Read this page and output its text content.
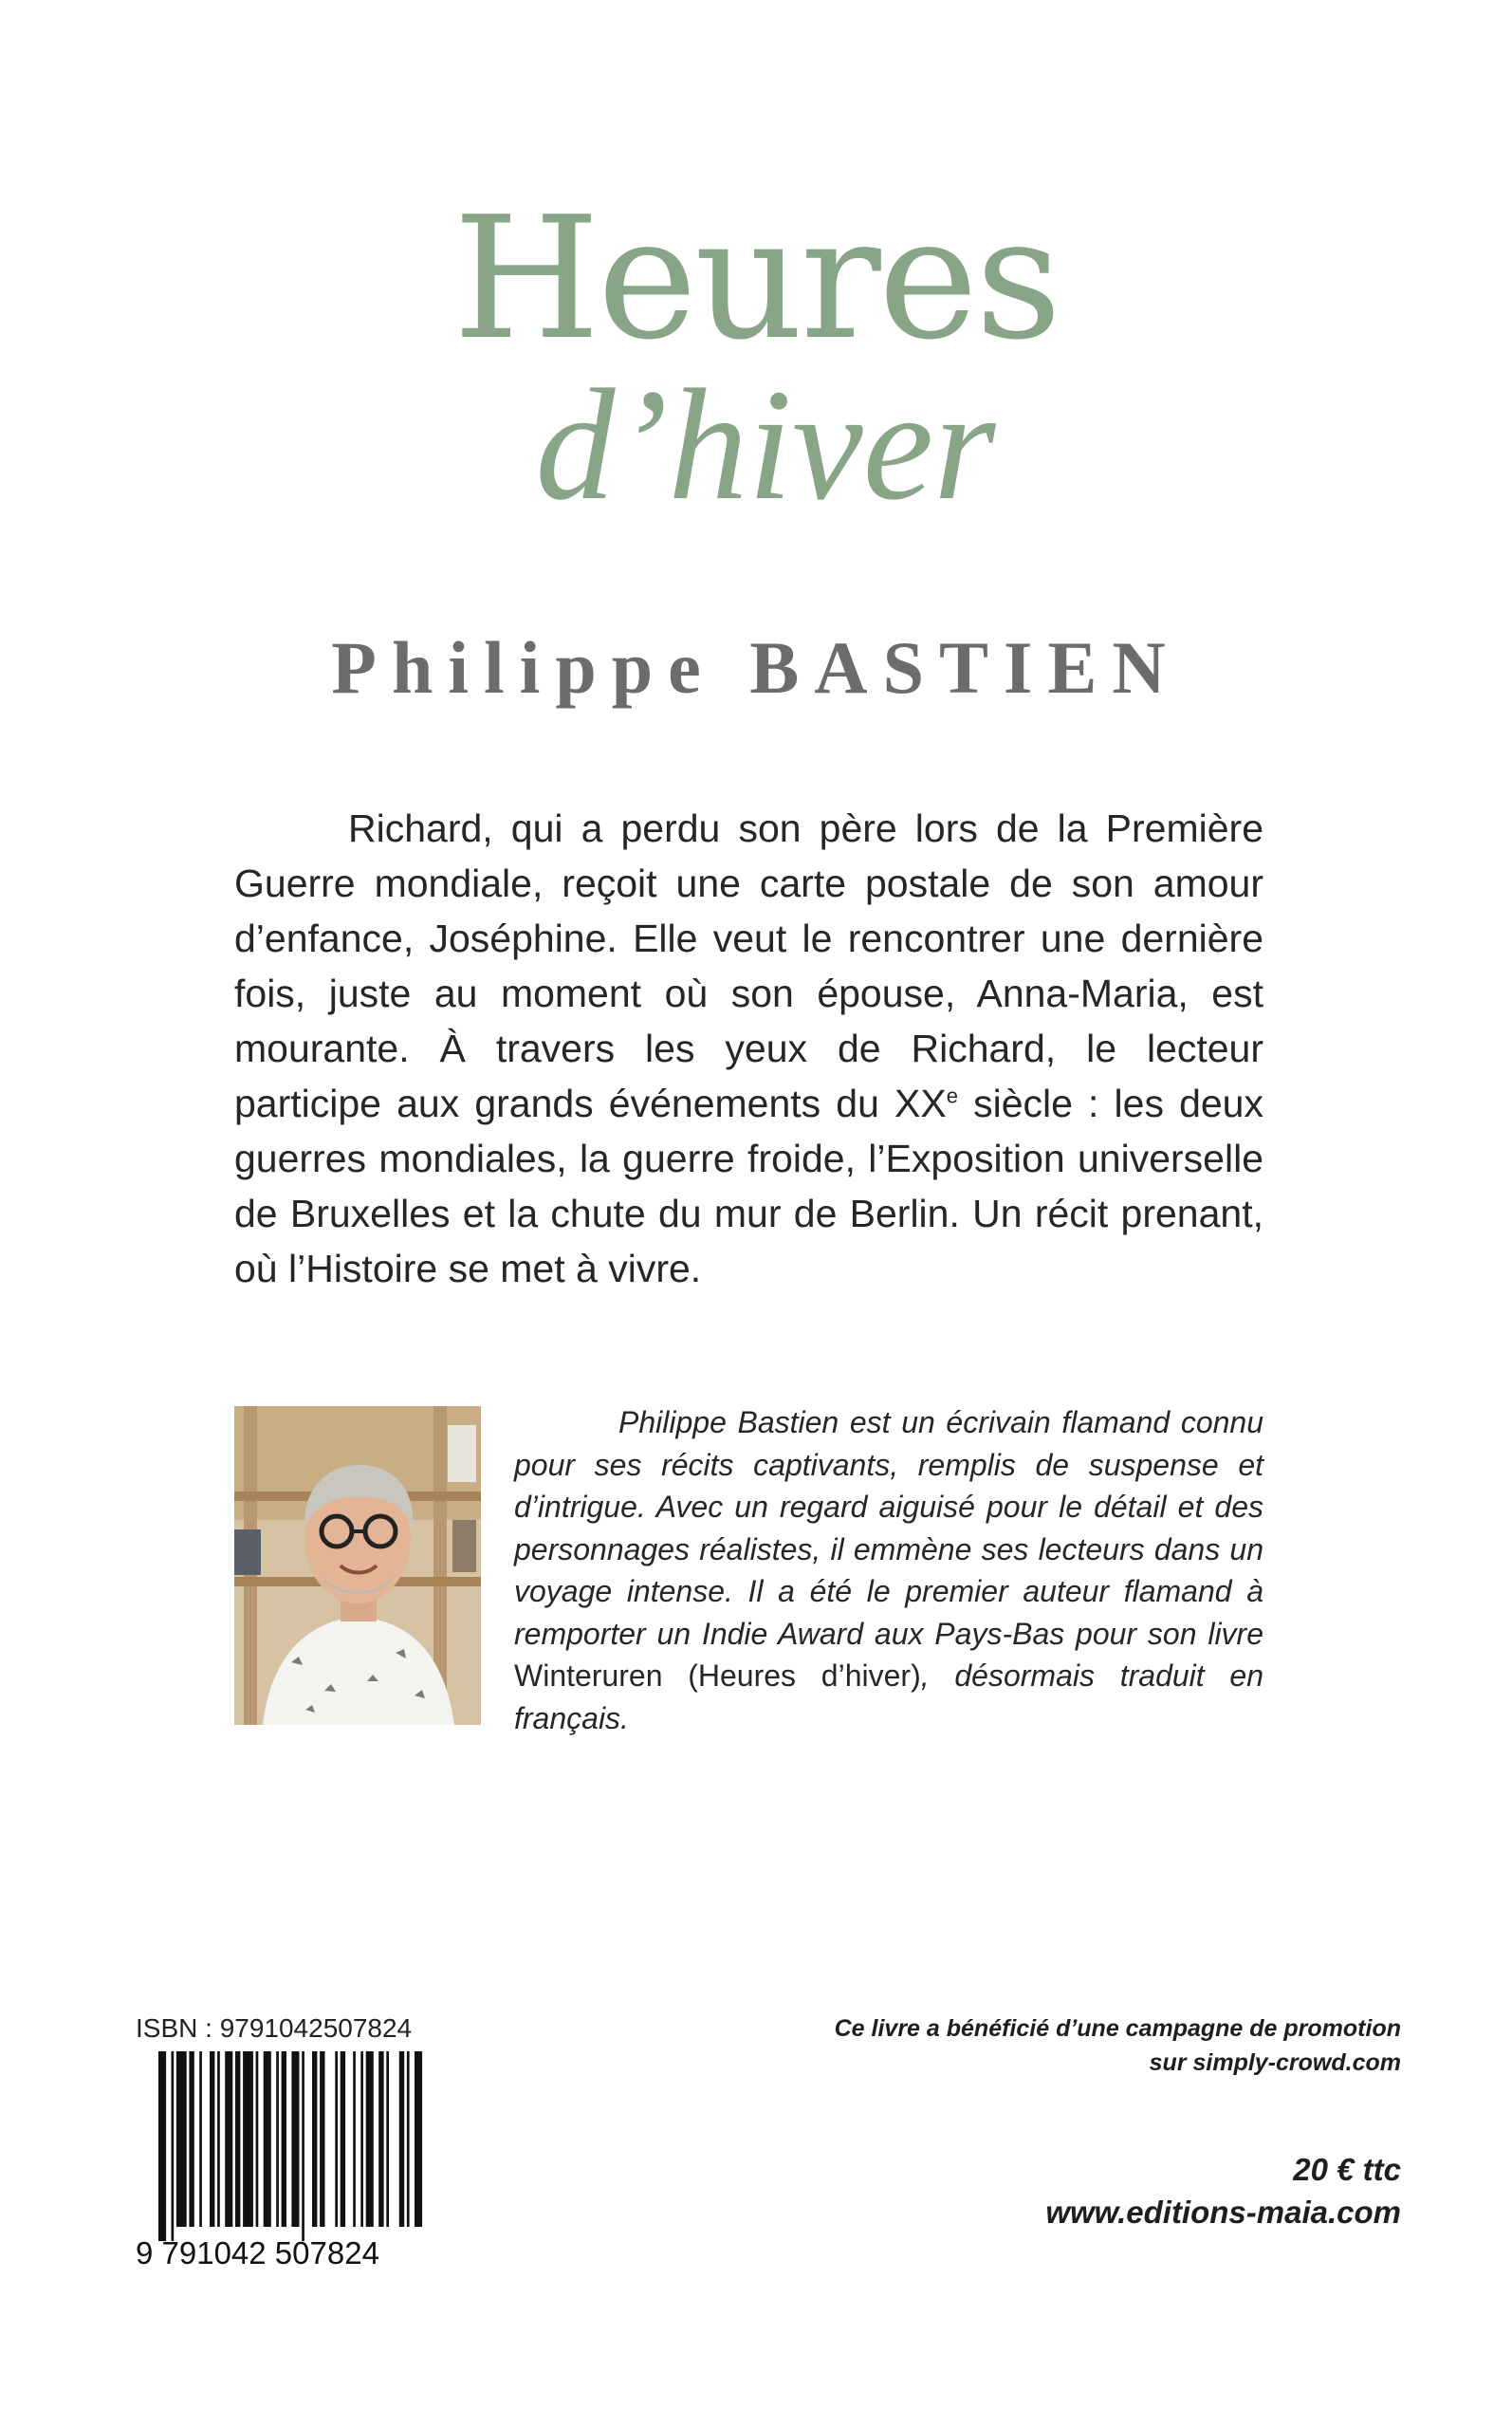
Heures
d’hiver
Philippe BASTIEN

Richard, qui a perdu son père lors de la Première Guerre mondiale, reçoit une carte postale de son amour d’enfance, Joséphine. Elle veut le rencontrer une dernière fois, juste au moment où son épouse, Anna-Maria, est mourante. À travers les yeux de Richard, le lecteur participe aux grands événements du XXe siècle : les deux guerres mondiales, la guerre froide, l’Exposition universelle de Bruxelles et la chute du mur de Berlin. Un récit prenant, où l’Histoire se met à vivre.

Philippe Bastien est un écrivain flamand connu pour ses récits captivants, remplis de suspense et d’intrigue. Avec un regard aiguisé pour le détail et des personnages réalistes, il emmène ses lecteurs dans un voyage intense. Il a été le premier auteur flamand à remporter un Indie Award aux Pays-Bas pour son livre Winteruren (Heures d’hiver), désormais traduit en français.

ISBN : 9791042507824
9 791042 507824
Ce livre a bénéficié d’une campagne de promotion
sur simply-crowd.com
20 € ttc
www.editions-maia.com
